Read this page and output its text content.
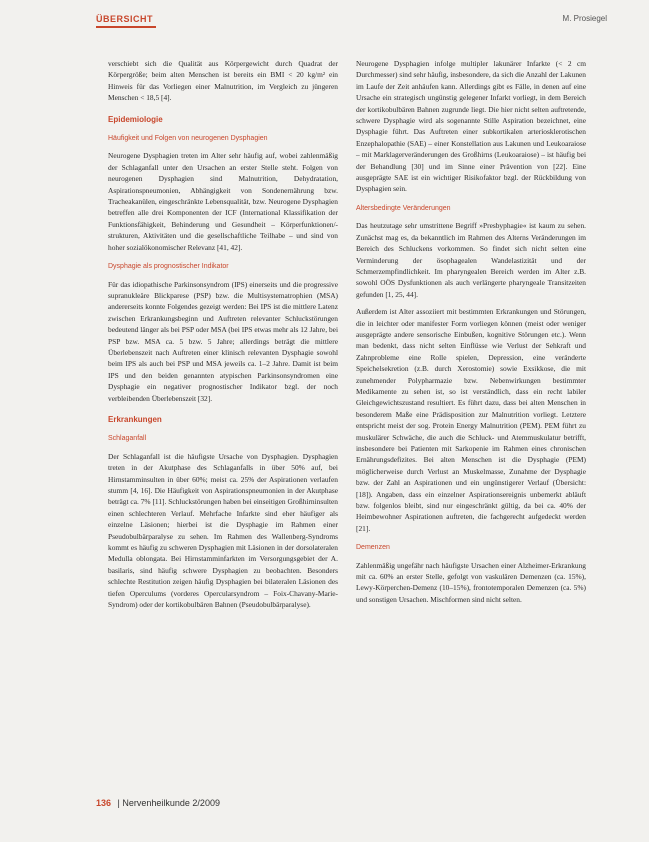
ÜBERSICHT	M. Prosiegel

verschiebt sich die Qualität aus Körpergewicht durch Quadrat der Körpergröße; beim alten Menschen ist bereits ein BMI < 20 kg/m² ein Hinweis für das Vorliegen einer Malnutrition, im Vergleich zu jüngeren Menschen < 18,5 [4].

Epidemiologie
Häufigkeit und Folgen von neurogenen Dysphagien

Neurogene Dysphagien treten im Alter sehr häufig auf, wobei zahlenmäßig der Schlaganfall unter den Ursachen an erster Stelle steht. Folgen von neurogenen Dysphagien sind Malnutrition, Dehydratation, Aspirationspneumonien, Abhängigkeit von Sondenernährung bzw. Tracheakanülen, eingeschränkte Lebensqualität, bzw. Neurogene Dysphagien betreffen alle drei Komponenten der ICF (International Klassifikation der Funktionsfähigkeit, Behinderung und Gesundheit – Körperfunktionen/-strukturen, Aktivitäten und die gesellschaftliche Teilhabe – und sind von hoher sozialökonomischer Relevanz [41, 42].

Dysphagie als prognostischer Indikator

Für das idiopathische Parkinsonsyndrom (IPS) einerseits und die progressive supranukleäre Blickparese (PSP) bzw. die Multisystematrophien (MSA) andererseits konnte Folgendes gezeigt werden: Bei IPS ist die mittlere Latenz zwischen Erkrankungsbeginn und Auftreten relevanter Schluckstörungen bedeutend länger als bei PSP oder MSA (bei IPS etwas mehr als 12 Jahre, bei PSP bzw. MSA ca. 5 bzw. 5 Jahre; allerdings beträgt die mittlere Überlebenszeit nach Auftreten einer klinisch relevanten Dysphagie sowohl beim IPS als auch bei PSP und MSA jeweils ca. 1–2 Jahre. Damit ist beim IPS und den beiden genannten atypischen Parkinsonsyndromen eine Dysphagie ein negativer prognostischer Indikator bzgl. der noch verbleibenden Überlebenszeit [32].

Erkrankungen
Schlaganfall

Der Schlaganfall ist die häufigste Ursache von Dysphagien. Dysphagien treten in der Akutphase des Schlaganfalls in über 50% auf, bei Hirnstamminsulten in über 60%; meist ca. 25% der Aspirationen verlaufen stumm [4, 16]. Die Häufigkeit von Aspirationspneumonien in der Akutphase beträgt ca. 7% [11]. Schluckstörungen haben bei einseitigen Großhirninsulten einen schlechteren Verlauf. Mehrfache Infarkte sind eher häufiger als einzelne Läsionen; hierbei ist die Dysphagie im Rahmen einer Pseudobulbärparalyse zu sehen. Im Rahmen des Wallenberg-Syndroms kommt es häufig zu schweren Dysphagien mit Läsionen in der dorsolateralen Medulla oblongata. Bei Hirnstamminfarkten im Versorgungsgebiet der A. basilaris, sind häufig schwere Dysphagien zu beobachten. Besonders schlechte Restitution zeigen häufig Dysphagien bei bilateralen Läsionen des tiefen Operculums (vorderes Opercularsyndrom – Foix-Chavany-Marie-Syndrom) oder der kortikobulbären Bahnen (Pseudobulbärparalyse).

Neurogene Dysphagien infolge multipler lakunärer Infarkte (< 2 cm Durchmesser) sind sehr häufig, insbesondere, da sich die Anzahl der Lakunen im Laufe der Zeit anhäufen kann. Allerdings gibt es Fälle, in denen auf eine Ursache ein strategisch ungünstig gelegener Infarkt vorliegt, in dem Bereich der kortikobulbären Bahnen zugrunde liegt. Die hier nicht selten auftretende, schwere Dysphagie wird als sogenannte Stille Aspiration bezeichnet, eine Dysphagie führt. Das Auftreten einer subkortikalen arteriosklerotischen Enzephalopathie (SAE) – einer Konstellation aus Lakunen und Leukoaraiose – mit Marklagerveränderungen des Großhirns (Leukoaraiose) – ist häufig bei der Behandlung [30] und im Sinne einer Prävention von [22]. Eine ausgeprägte SAE ist ein wichtiger Risikofaktor bzgl. der Rückbildung von Dysphagien sein.

Altersbedingte Veränderungen

Das heutzutage sehr umstrittene Begriff »Presbyphagie« ist kaum zu sehen. Zunächst mag es, da bekanntlich im Rahmen des Alterns Veränderungen im Bereich des Schluckens vorkommen. So findet sich nicht selten eine Verminderung der ösophagealen Wandelastizität und der Schmerzempfindlichkeit. Im pharyngealen Bereich werden im Alter z.B. sowohl OÖS Dysfunktionen als auch verlängerte pharyngeale Transitzeiten gefunden [1, 25, 44].

Außerdem ist Alter assoziiert mit bestimmten Erkrankungen und Störungen, die in leichter oder manifester Form vorliegen können (meist oder weniger ausgeprägte andere sensorische Einbußen, kognitive Störungen etc.). Wenn man bedenkt, dass nicht selten Einflüsse wie Verlust der Sehkraft und Zahnprobleme eine Rolle spielen, Depression, eine veränderte Speichelsekretion (z.B. durch Xerostomie) sowie Exsikkose, die mit zunehmender Polypharmazie bzw. Nebenwirkungen bestimmter Medikamente zu sehen ist, so ist verständlich, dass ein recht labiler Gleichgewichtszustand resultiert. Es führt dazu, dass bei alten Menschen in besonderem Maße eine Prädisposition zur Malnutrition vorliegt. Letztere entspricht meist der sog. Protein Energy Malnutrition (PEM). PEM führt zu muskulärer Schwäche, die auch die Schluck- und Atemmuskulatur betrifft, insbesondere bei Patienten mit Sarkopenie im Rahmen eines chronischen Ernährungsdefizites. Bei alten Menschen ist die Dysphagie (PEM) möglicherweise durch Verlust an Muskelmasse, Zunahme der Dysphagie bzw. der Zahl an Aspirationen und ein ungünstigerer Verlauf (Übersicht: [18]). Angaben, dass ein einzelner Aspirationsereignis unbemerkt abläuft bzw. folgenlos bleibt, sind nur eingeschränkt gültig, da bei ca. 40% der Heimbewohner Aspirationen auftreten, die fachgerecht aufgedeckt werden [21].

Demenzen

Zahlenmäßig ungefähr nach häufigste Ursachen einer Alzheimer-Erkrankung mit ca. 60% an erster Stelle, gefolgt von vaskulären Demenzen (ca. 15%), Lewy-Körperchen-Demenz (10–15%), frontotemporalen Demenzen (ca. 5%) und sonstigen Ursachen. Mischformen sind nicht selten.

136 | Nervenheilkunde 2/2009
